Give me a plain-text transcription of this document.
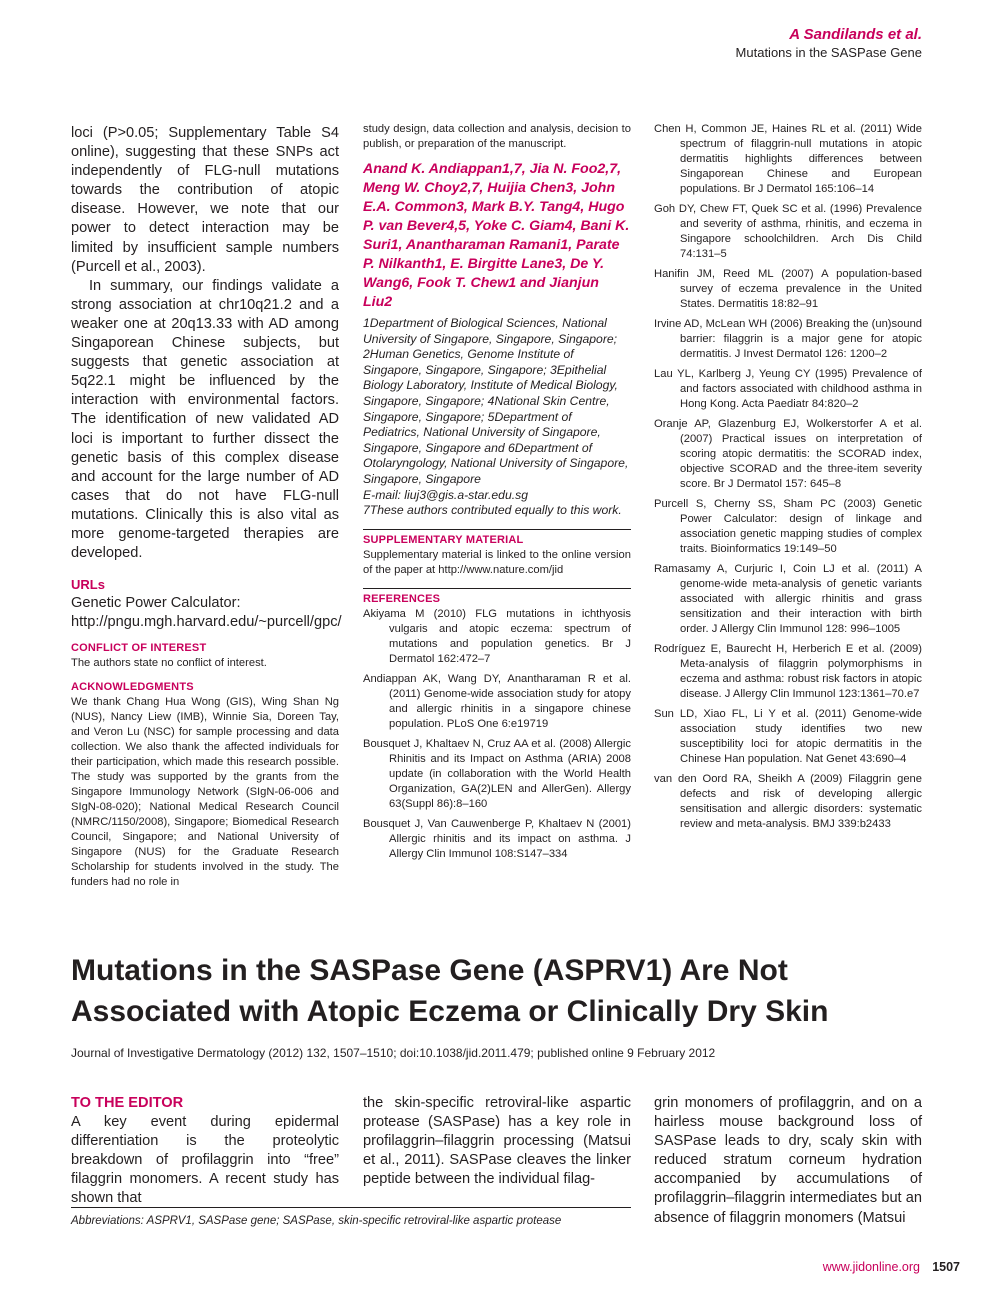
A Sandilands et al.
Mutations in the SASPase Gene

loci (P>0.05; Supplementary Table S4 online), suggesting that these SNPs act independently of FLG-null mutations towards the contribution of atopic disease. However, we note that our power to detect interaction may be limited by insufficient sample numbers (Purcell et al., 2003).

In summary, our findings validate a strong association at chr10q21.2 and a weaker one at 20q13.33 with AD among Singaporean Chinese subjects, but suggests that genetic association at 5q22.1 might be influenced by the interaction with environmental factors. The identification of new validated AD loci is important to further dissect the genetic basis of this complex disease and account for the large number of AD cases that do not have FLG-null mutations. Clinically this is also vital as more genome-targeted therapies are developed.

URLs

Genetic Power Calculator: http://pngu.mgh.harvard.edu/~purcell/gpc/

CONFLICT OF INTEREST

The authors state no conflict of interest.

ACKNOWLEDGMENTS

We thank Chang Hua Wong (GIS), Wing Shan Ng (NUS), Nancy Liew (IMB), Winnie Sia, Doreen Tay, and Veron Lu (NSC) for sample processing and data collection. We also thank the affected individuals for their participation, which made this research possible. The study was supported by the grants from the Singapore Immunology Network (SIgN-06-006 and SIgN-08-020); National Medical Research Council (NMRC/1150/2008), Singapore; Biomedical Research Council, Singapore; and National University of Singapore (NUS) for the Graduate Research Scholarship for students involved in the study. The funders had no role in

study design, data collection and analysis, decision to publish, or preparation of the manuscript.

Anand K. Andiappan1,7, Jia N. Foo2,7, Meng W. Choy2,7, Huijia Chen3, John E.A. Common3, Mark B.Y. Tang4, Hugo P. van Bever4,5, Yoke C. Giam4, Bani K. Suri1, Anantharaman Ramani1, Parate P. Nilkanth1, E. Birgitte Lane3, De Y. Wang6, Fook T. Chew1 and Jianjun Liu2

1Department of Biological Sciences, National University of Singapore, Singapore, Singapore; 2Human Genetics, Genome Institute of Singapore, Singapore, Singapore; 3Epithelial Biology Laboratory, Institute of Medical Biology, Singapore, Singapore; 4National Skin Centre, Singapore, Singapore; 5Department of Pediatrics, National University of Singapore, Singapore, Singapore and 6Department of Otolaryngology, National University of Singapore, Singapore, Singapore

E-mail: liuj3@gis.a-star.edu.sg

7These authors contributed equally to this work.

SUPPLEMENTARY MATERIAL

Supplementary material is linked to the online version of the paper at http://www.nature.com/jid

REFERENCES

Akiyama M (2010) FLG mutations in ichthyosis vulgaris and atopic eczema: spectrum of mutations and population genetics. Br J Dermatol 162:472–7

Andiappan AK, Wang DY, Anantharaman R et al. (2011) Genome-wide association study for atopy and allergic rhinitis in a singapore chinese population. PLoS One 6:e19719

Bousquet J, Khaltaev N, Cruz AA et al. (2008) Allergic Rhinitis and its Impact on Asthma (ARIA) 2008 update (in collaboration with the World Health Organization, GA(2)LEN and AllerGen). Allergy 63(Suppl 86):8–160

Bousquet J, Van Cauwenberge P, Khaltaev N (2001) Allergic rhinitis and its impact on asthma. J Allergy Clin Immunol 108:S147–334

Chen H, Common JE, Haines RL et al. (2011) Wide spectrum of filaggrin-null mutations in atopic dermatitis highlights differences between Singaporean Chinese and European populations. Br J Dermatol 165:106–14

Goh DY, Chew FT, Quek SC et al. (1996) Prevalence and severity of asthma, rhinitis, and eczema in Singapore schoolchildren. Arch Dis Child 74:131–5

Hanifin JM, Reed ML (2007) A population-based survey of eczema prevalence in the United States. Dermatitis 18:82–91

Irvine AD, McLean WH (2006) Breaking the (un)sound barrier: filaggrin is a major gene for atopic dermatitis. J Invest Dermatol 126: 1200–2

Lau YL, Karlberg J, Yeung CY (1995) Prevalence of and factors associated with childhood asthma in Hong Kong. Acta Paediatr 84:820–2

Oranje AP, Glazenburg EJ, Wolkerstorfer A et al. (2007) Practical issues on interpretation of scoring atopic dermatitis: the SCORAD index, objective SCORAD and the three-item severity score. Br J Dermatol 157: 645–8

Purcell S, Cherny SS, Sham PC (2003) Genetic Power Calculator: design of linkage and association genetic mapping studies of complex traits. Bioinformatics 19:149–50

Ramasamy A, Curjuric I, Coin LJ et al. (2011) A genome-wide meta-analysis of genetic variants associated with allergic rhinitis and grass sensitization and their interaction with birth order. J Allergy Clin Immunol 128: 996–1005

Rodríguez E, Baurecht H, Herberich E et al. (2009) Meta-analysis of filaggrin polymorphisms in eczema and asthma: robust risk factors in atopic disease. J Allergy Clin Immunol 123:1361–70.e7

Sun LD, Xiao FL, Li Y et al. (2011) Genome-wide association study identifies two new susceptibility loci for atopic dermatitis in the Chinese Han population. Nat Genet 43:690–4

van den Oord RA, Sheikh A (2009) Filaggrin gene defects and risk of developing allergic sensitisation and allergic disorders: systematic review and meta-analysis. BMJ 339:b2433

Mutations in the SASPase Gene (ASPRV1) Are Not Associated with Atopic Eczema or Clinically Dry Skin
Journal of Investigative Dermatology (2012) 132, 1507–1510; doi:10.1038/jid.2011.479; published online 9 February 2012
TO THE EDITOR

A key event during epidermal differentiation is the proteolytic breakdown of profilaggrin into “free” filaggrin monomers. A recent study has shown that

the skin-specific retroviral-like aspartic protease (SASPase) has a key role in profilaggrin–filaggrin processing (Matsui et al., 2011). SASPase cleaves the linker peptide between the individual filag-

grin monomers of profilaggrin, and on a hairless mouse background loss of SASPase leads to dry, scaly skin with reduced stratum corneum hydration accompanied by accumulations of profilaggrin–filaggrin intermediates but an absence of filaggrin monomers (Matsui

Abbreviations: ASPRV1, SASPase gene; SASPase, skin-specific retroviral-like aspartic protease
www.jidonline.org 1507
